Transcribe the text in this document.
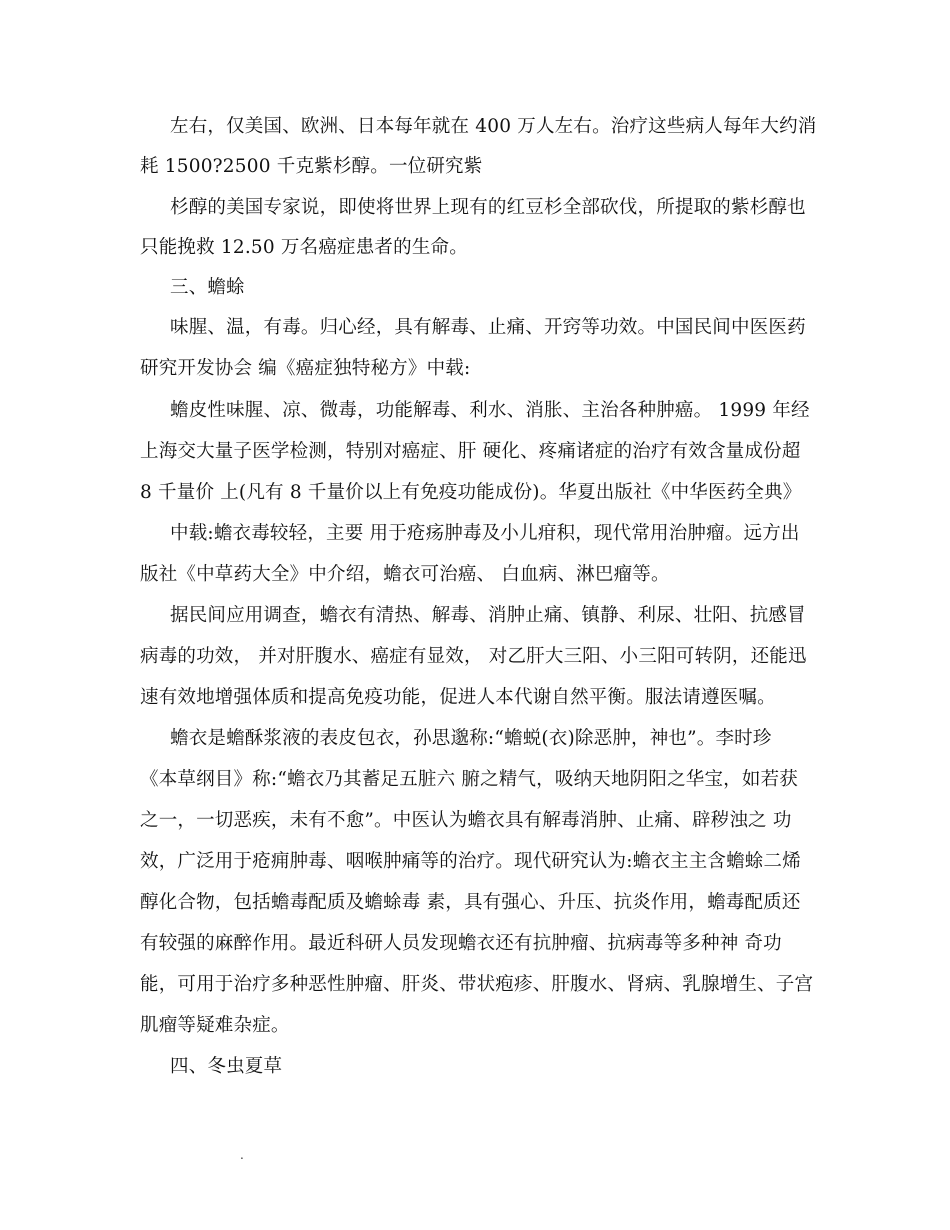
左右，仅美国、欧洲、日本每年就在 400 万人左右。治疗这些病人每年大约消
耗 1500?2500 千克紫杉醇。一位研究紫
杉醇的美国专家说，即使将世界上现有的红豆杉全部砍伐，所提取的紫杉醇也
只能挽救 12.50 万名癌症患者的生命。
三、蟾蜍
味腥、温，有毒。归心经，具有解毒、止痛、开窍等功效。中国民间中医医药
研究开发协会 编《癌症独特秘方》中载:
蟾皮性味腥、凉、微毒，功能解毒、利水、消胀、主治各种肿癌。 1999 年经
上海交大量子医学检测，特别对癌症、肝 硬化、疼痛诸症的治疗有效含量成份超
8 千量价 上(凡有 8 千量价以上有免疫功能成份)。华夏出版社《中华医药全典》
中载:蟾衣毒较轻，主要 用于疮疡肿毒及小儿疳积，现代常用治肿瘤。远方出
版社《中草药大全》中介绍，蟾衣可治癌、 白血病、淋巴瘤等。
据民间应用调查，蟾衣有清热、解毒、消肿止痛、镇静、利尿、壮阳、抗感冒
病毒的功效， 并对肝腹水、癌症有显效， 对乙肝大三阳、小三阳可转阴，还能迅
速有效地增强体质和提高免疫功能，促进人本代谢自然平衡。服法请遵医嘱。
蟾衣是蟾酥浆液的表皮包衣，孙思邈称:“蟾蜕(衣)除恶肿，神也”。李时珍
《本草纲目》称:“蟾衣乃其蓄足五脏六 腑之精气，吸纳天地阴阳之华宝，如若获
之一，一切恶疾，未有不愈”。中医认为蟾衣具有解毒消肿、止痛、辟秽浊之 功
效，广泛用于疮痈肿毒、咽喉肿痛等的治疗。现代研究认为:蟾衣主主含蟾蜍二烯
醇化合物，包括蟾毒配质及蟾蜍毒 素，具有强心、升压、抗炎作用，蟾毒配质还
有较强的麻醉作用。最近科研人员发现蟾衣还有抗肿瘤、抗病毒等多种神 奇功
能，可用于治疗多种恶性肿瘤、肝炎、带状疱疹、肝腹水、肾病、乳腺增生、子宫
肌瘤等疑难杂症。
四、冬虫夏草
.
